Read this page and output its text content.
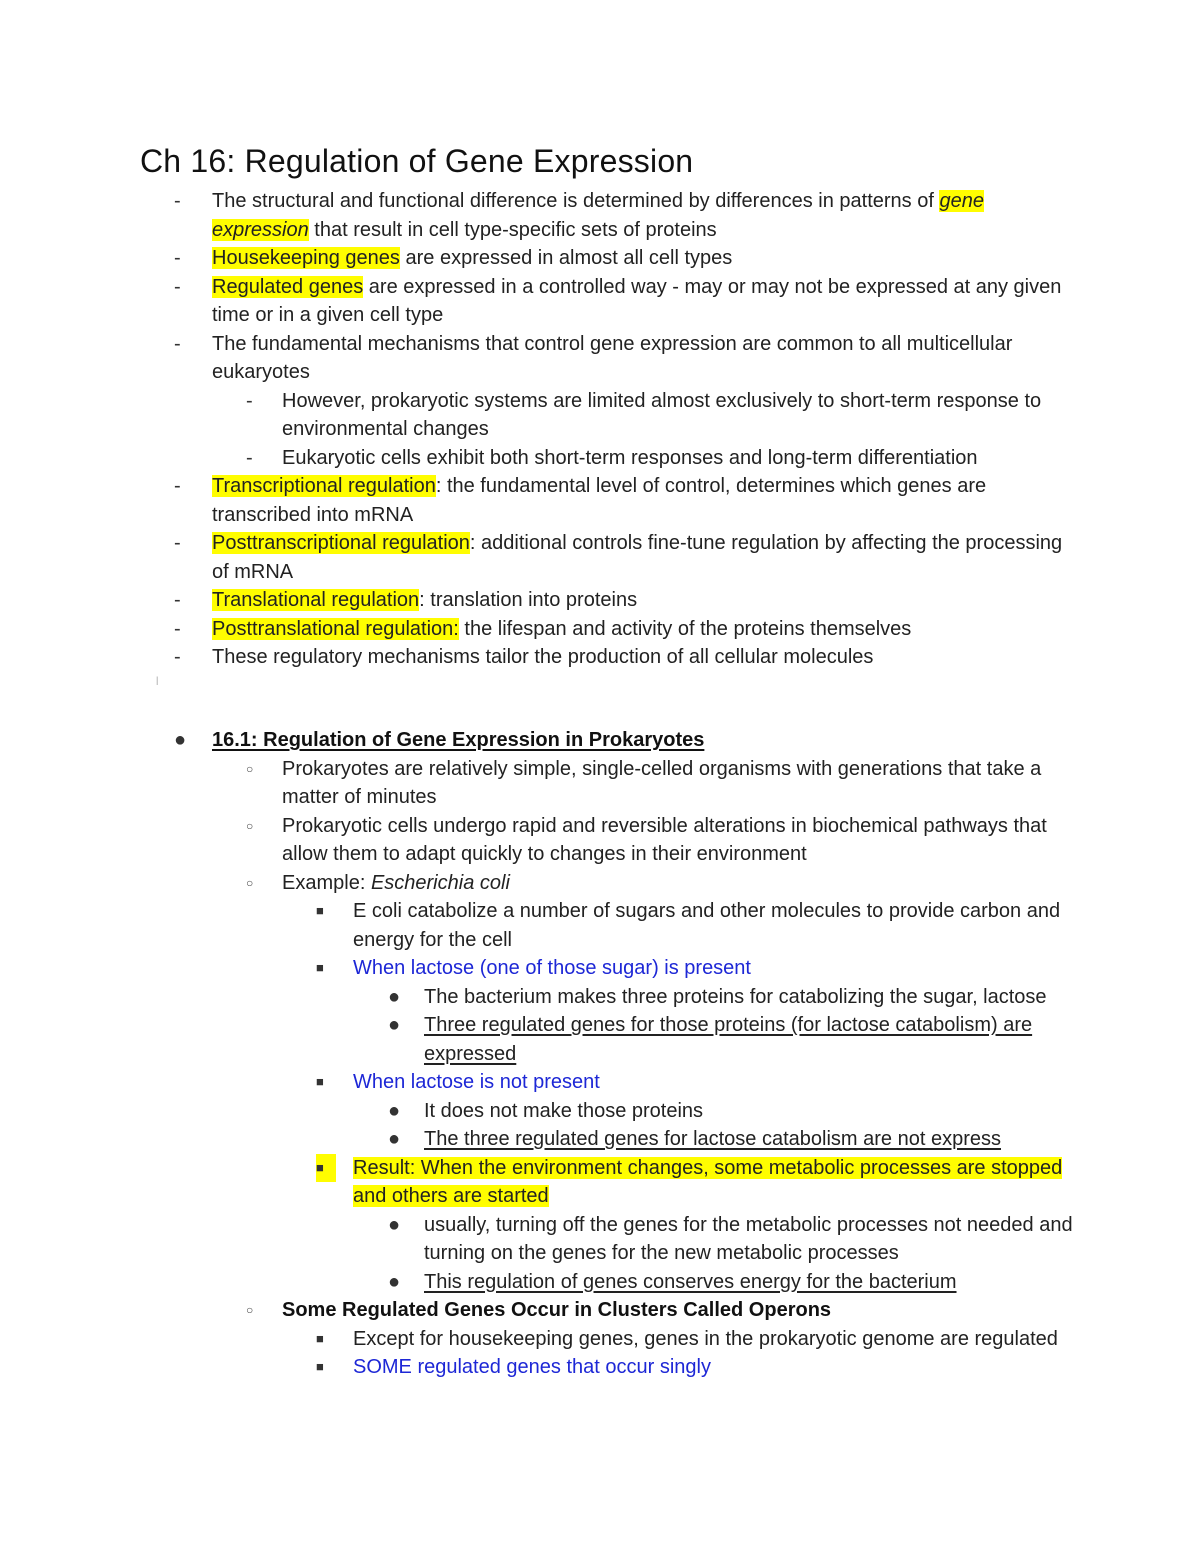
Ch 16: Regulation of Gene Expression
-	The structural and functional difference is determined by differences in patterns of gene expression that result in cell type-specific sets of proteins
-	Housekeeping genes are expressed in almost all cell types
-	Regulated genes are expressed in a controlled way - may or may not be expressed at any given time or in a given cell type
-	The fundamental mechanisms that control gene expression are common to all multicellular eukaryotes
-	However, prokaryotic systems are limited almost exclusively to short-term response to environmental changes
-	Eukaryotic cells exhibit both short-term responses and long-term differentiation
-	Transcriptional regulation: the fundamental level of control, determines which genes are transcribed into mRNA
-	Posttranscriptional regulation: additional controls fine-tune regulation by affecting the processing of mRNA
-	Translational regulation: translation into proteins
-	Posttranslational regulation: the lifespan and activity of the proteins themselves
-	These regulatory mechanisms tailor the production of all cellular molecules
|
●	16.1: Regulation of Gene Expression in Prokaryotes
○	Prokaryotes are relatively simple, single-celled organisms with generations that take a matter of minutes
○	Prokaryotic cells undergo rapid and reversible alterations in biochemical pathways that allow them to adapt quickly to changes in their environment
○	Example: Escherichia coli
■	E coli catabolize a number of sugars and other molecules to provide carbon and energy for the cell
■	When lactose (one of those sugar) is present
●	The bacterium makes three proteins for catabolizing the sugar, lactose
●	Three regulated genes for those proteins (for lactose catabolism) are expressed
■	When lactose is not present
●	It does not make those proteins
●	The three regulated genes for lactose catabolism are not express
■	Result: When the environment changes, some metabolic processes are stopped and others are started
●	usually, turning off the genes for the metabolic processes not needed and turning on the genes for the new metabolic processes
●	This regulation of genes conserves energy for the bacterium
○	Some Regulated Genes Occur in Clusters Called Operons
■	Except for housekeeping genes, genes in the prokaryotic genome are regulated
■	SOME regulated genes that occur singly
